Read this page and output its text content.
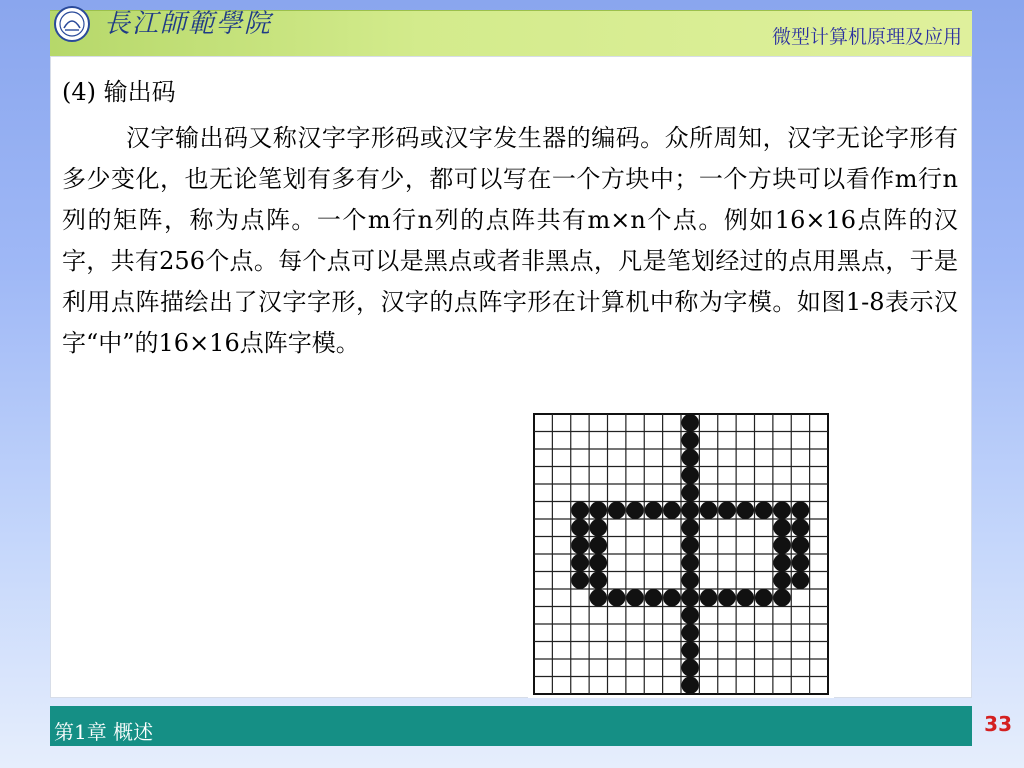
長江師範學院	微型计算机原理及应用
(4) 输出码

汉字输出码又称汉字字形码或汉字发生器的编码。众所周知，汉字无论字形有多少变化，也无论笔划有多有少，都可以写在一个方块中；一个方块可以看作m行n列的矩阵，称为点阵。一个m行n列的点阵共有m×n个点。例如16×16点阵的汉字，共有256个点。每个点可以是黑点或者非黑点，凡是笔划经过的点用黑点，于是利用点阵描绘出了汉字字形，汉字的点阵字形在计算机中称为字模。如图1-8表示汉字“中”的16×16点阵字模。

第1章 概述	33
